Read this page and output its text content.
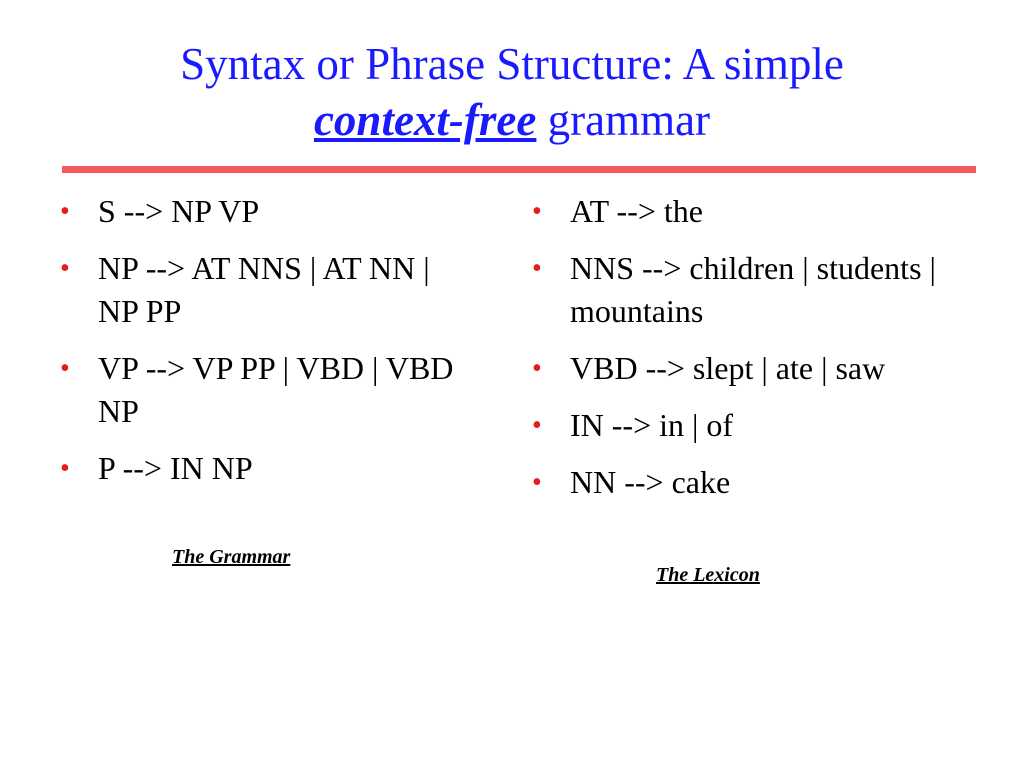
Syntax or Phrase Structure: A simple
context-free grammar
• S --> NP VP
• NP --> AT NNS | AT NN | NP PP
• VP --> VP PP | VBD | VBD NP
• P --> IN NP
• AT --> the
• NNS --> children | students | mountains
• VBD --> slept | ate | saw
• IN --> in | of
• NN --> cake
The Grammar
The Lexicon
